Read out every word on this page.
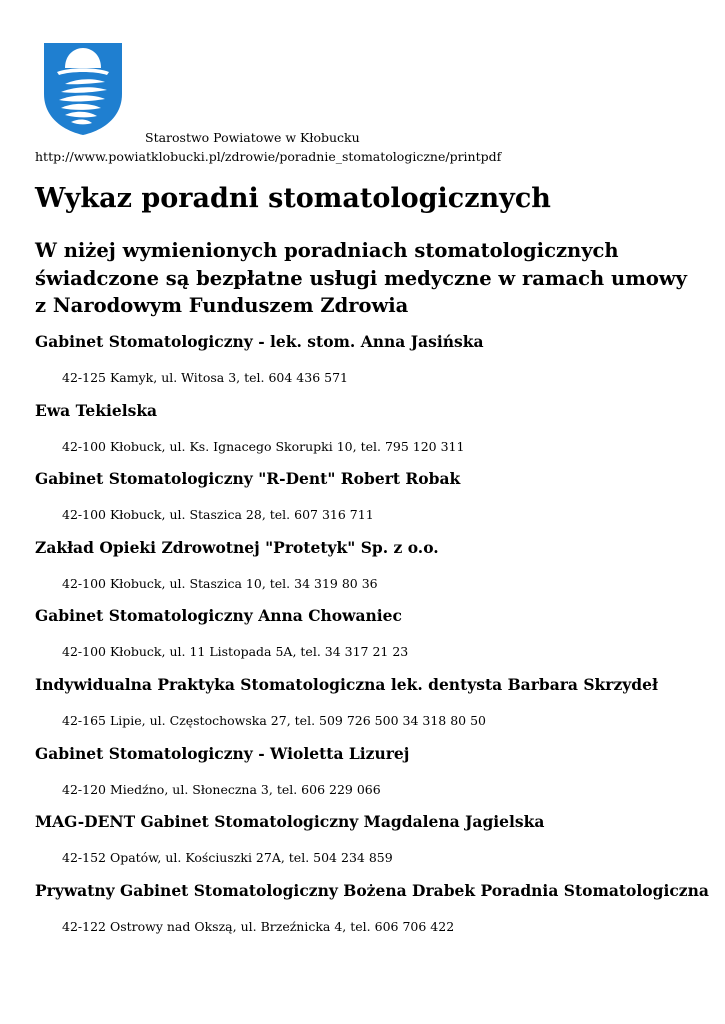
Starostwo Powiatowe w Kłobucku
http://www.powiatklobucki.pl/zdrowie/poradnie_stomatologiczne/printpdf
Wykaz poradni stomatologicznych
W niżej wymienionych poradniach stomatologicznych świadczone są bezpłatne usługi medyczne w ramach umowy z Narodowym Funduszem Zdrowia
Gabinet Stomatologiczny - lek. stom. Anna Jasińska
42-125 Kamyk, ul. Witosa 3, tel. 604 436 571
Ewa Tekielska
42-100 Kłobuck, ul. Ks. Ignacego Skorupki 10, tel. 795 120 311
Gabinet Stomatologiczny "R-Dent" Robert Robak
42-100 Kłobuck, ul. Staszica 28, tel. 607 316 711
Zakład Opieki Zdrowotnej "Protetyk" Sp. z o.o.
42-100 Kłobuck, ul. Staszica 10, tel. 34 319 80 36
Gabinet Stomatologiczny Anna Chowaniec
42-100 Kłobuck, ul. 11 Listopada 5A, tel. 34 317 21 23
Indywidualna Praktyka Stomatologiczna lek. dentysta Barbara Skrzydeł
42-165 Lipie, ul. Częstochowska 27, tel. 509 726 500 34 318 80 50
Gabinet Stomatologiczny - Wioletta Lizurej
42-120 Miedźno, ul. Słoneczna 3, tel. 606 229 066
MAG-DENT Gabinet Stomatologiczny Magdalena Jagielska
42-152 Opatów, ul. Kościuszki 27A, tel. 504 234 859
Prywatny Gabinet Stomatologiczny Bożena Drabek Poradnia Stomatologiczna
42-122 Ostrowy nad Okszą, ul. Brzeźnicka 4, tel. 606 706 422
